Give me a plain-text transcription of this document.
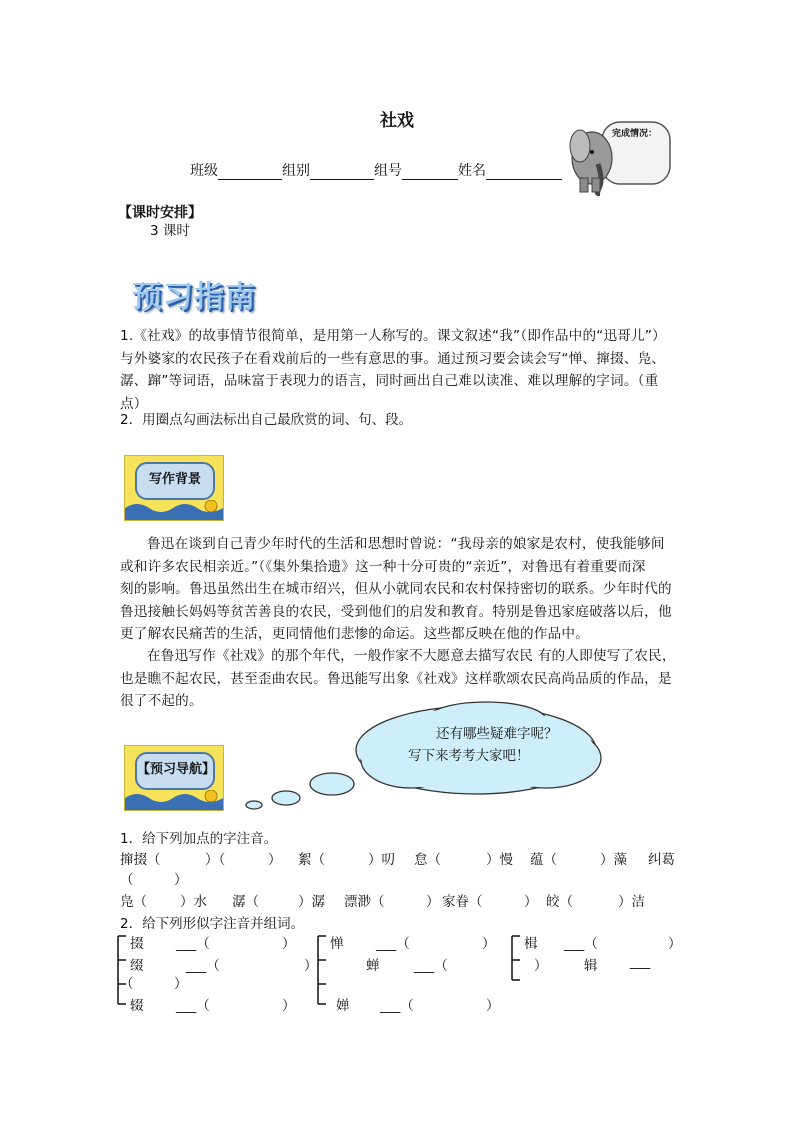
社戏
班级	组别	组号	姓名
完成情况：
【课时安排】
3 课时
预习指南
1.《社戏》的故事情节很简单，是用第一人称写的。课文叙述“我”（即作品中的“迅哥儿”）
与外婆家的农民孩子在看戏前后的一些有意思的事。通过预习要会读会写“惮、撺掇、凫、
潺、蹿”等词语，品味富于表现力的语言，同时画出自己难以读准、难以理解的字词。（重
点）
2．用圈点勾画法标出自己最欣赏的词、句、段。
写作背景
鲁迅在谈到自己青少年时代的生活和思想时曾说：“我母亲的娘家是农村，使我能够间
或和许多农民相亲近。”（《集外集拾遗》这一种十分可贵的“亲近”，对鲁迅有着重要而深
刻的影响。鲁迅虽然出生在城市绍兴，但从小就同农民和农村保持密切的联系。少年时代的
鲁迅接触长妈妈等贫苦善良的农民，受到他们的启发和教育。特别是鲁迅家庭破落以后，他
更了解农民痛苦的生活，更同情他们悲惨的命运。这些都反映在他的作品中。
在鲁迅写作《社戏》的那个年代，一般作家不大愿意去描写农民 有的人即使写了农民，
也是瞧不起农民，甚至歪曲农民。鲁迅能写出象《社戏》这样歌颂农民高尚品质的作品，是
很了不起的。
还有哪些疑难字呢？
写下来考考大家吧！
【预习导航】
1．给下列加点的字注音。
撺掇（	）（	） 絮（	）叨 怠（	）慢 蕴（	）藻 纠葛
（　　　）
凫（ ）水 潺（	）潺 漂渺（	） 家眷（	） 皎（	）洁
2．给下列形似字注音并组词。
掇 ___（	）	惮 ___（	） 楫 ___（	）
缀	___（	）	蝉	___（	）	辑 ___
（　　　）
辍 ___（	）	婵 ___（	）
